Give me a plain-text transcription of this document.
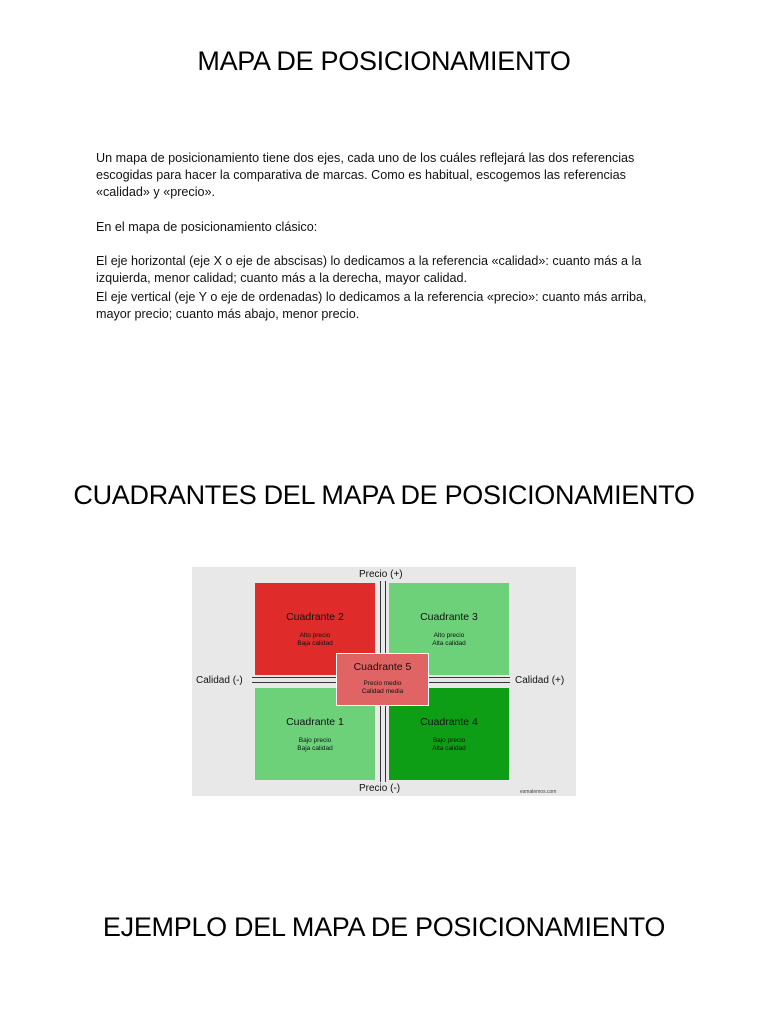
MAPA DE POSICIONAMIENTO
Un mapa de posicionamiento tiene dos ejes, cada uno de los cuáles reflejará las dos referencias escogidas para hacer la comparativa de marcas. Como es habitual, escogemos las referencias «calidad» y «precio».
En el mapa de posicionamiento clásico:
El eje horizontal (eje X o eje de abscisas) lo dedicamos a la referencia «calidad»: cuanto más a la izquierda, menor calidad; cuanto más a la derecha, mayor calidad.
El eje vertical (eje Y o eje de ordenadas) lo dedicamos a la referencia «precio»: cuanto más arriba, mayor precio; cuanto más abajo, menor precio.
CUADRANTES DEL MAPA DE POSICIONAMIENTO
Cuadrante 2
Alto precio
Baja calidad
Cuadrante 3
Alto precio
Alta calidad
Cuadrante 1
Bajo precio
Baja calidad
Cuadrante 4
Bajo precio
Alta calidad
Cuadrante 5
Precio medio
Calidad media
Precio (+)
Precio (-)
Calidad (-)	Calidad (+)
esmalemos.com
EJEMPLO DEL MAPA DE POSICIONAMIENTO
